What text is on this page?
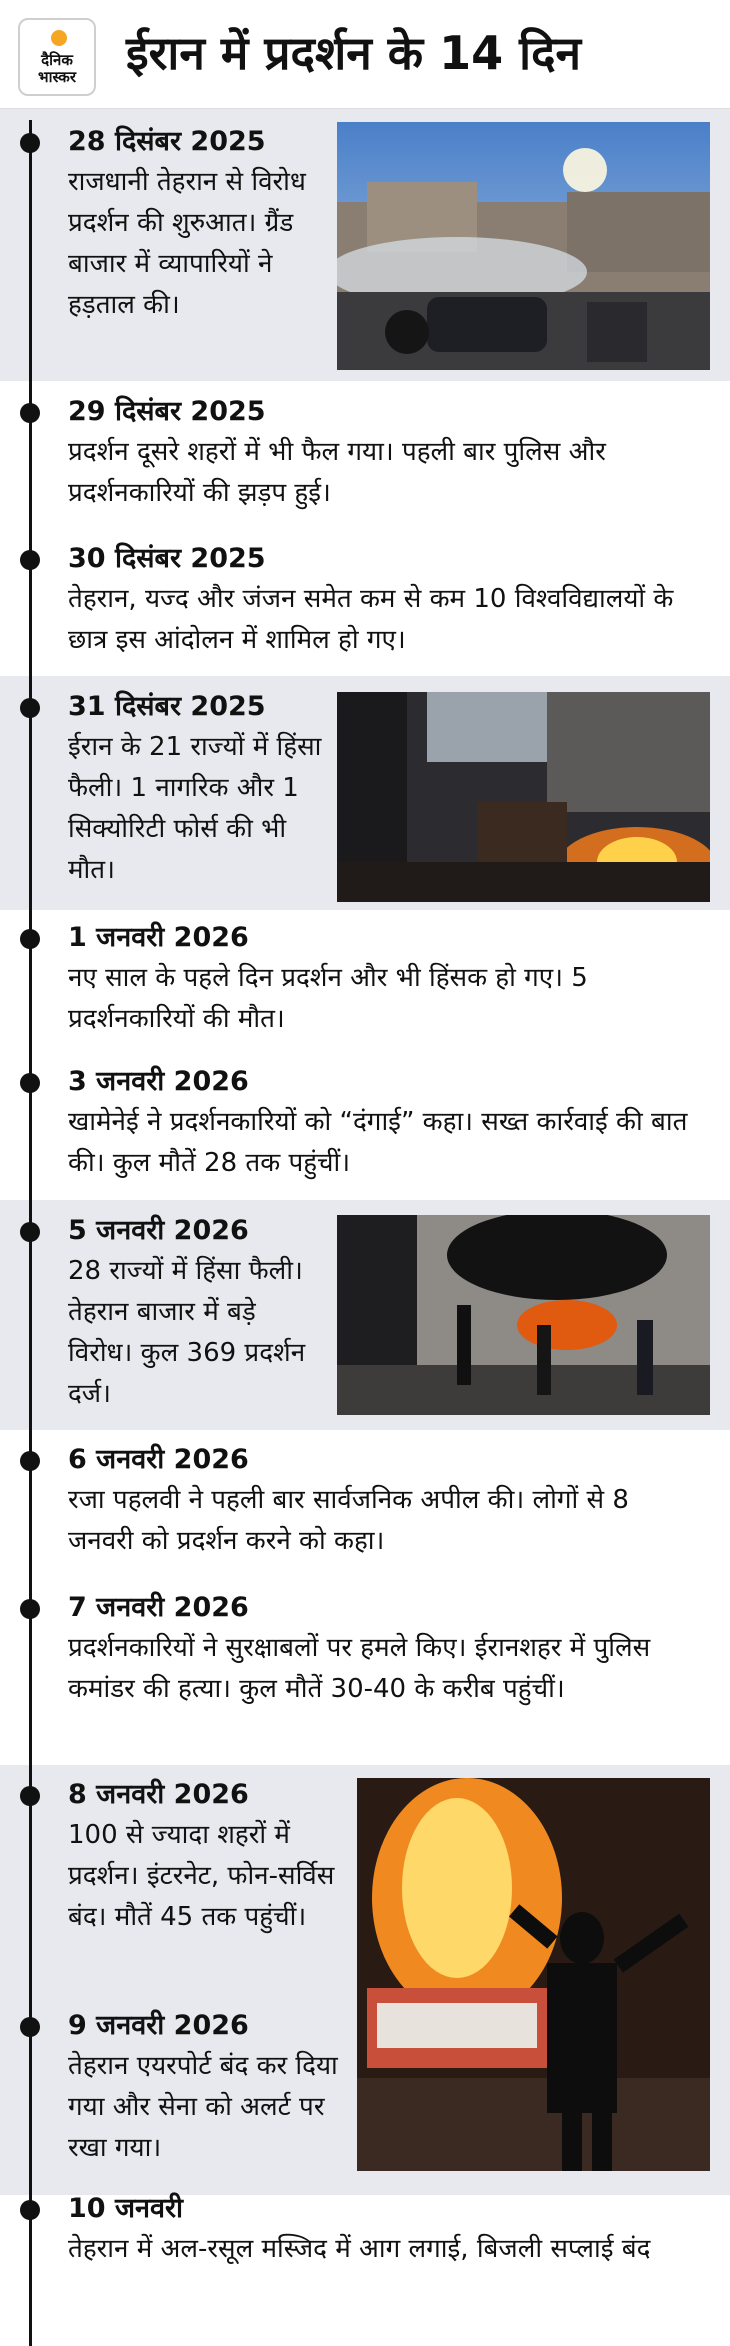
दैनिक
भास्कर	ईरान में प्रदर्शन के 14 दिन
28 दिसंबर 2025
राजधानी तेहरान से विरोध प्रदर्शन की शुरुआत। ग्रैंड बाजार में व्यापारियों ने हड़ताल की।
29 दिसंबर 2025
प्रदर्शन दूसरे शहरों में भी फैल गया। पहली बार पुलिस और प्रदर्शनकारियों की झड़प हुई।
30 दिसंबर 2025
तेहरान, यज्द और जंजन समेत कम से कम 10 विश्वविद्यालयों के छात्र इस आंदोलन में शामिल हो गए।
31 दिसंबर 2025
ईरान के 21 राज्यों में हिंसा फैली। 1 नागरिक और 1 सिक्योरिटी फोर्स की भी मौत।
1 जनवरी 2026
नए साल के पहले दिन प्रदर्शन और भी हिंसक हो गए। 5 प्रदर्शनकारियों की मौत।
3 जनवरी 2026
खामेनेई ने प्रदर्शनकारियों को “दंगाई” कहा। सख्त कार्रवाई की बात की। कुल मौतें 28 तक पहुंचीं।
5 जनवरी 2026
28 राज्यों में हिंसा फैली। तेहरान बाजार में बड़े विरोध। कुल 369 प्रदर्शन दर्ज।
6 जनवरी 2026
रजा पहलवी ने पहली बार सार्वजनिक अपील की। लोगों से 8 जनवरी को प्रदर्शन करने को कहा।
7 जनवरी 2026
प्रदर्शनकारियों ने सुरक्षाबलों पर हमले किए। ईरानशहर में पुलिस कमांडर की हत्या। कुल मौतें 30-40 के करीब पहुंचीं।
8 जनवरी 2026
100 से ज्यादा शहरों में प्रदर्शन। इंटरनेट, फोन-सर्विस बंद। मौतें 45 तक पहुंचीं।
9 जनवरी 2026
तेहरान एयरपोर्ट बंद कर दिया गया और सेना को अलर्ट पर रखा गया।
10 जनवरी
तेहरान में अल-रसूल मस्जिद में आग लगाई, बिजली सप्लाई बंद
